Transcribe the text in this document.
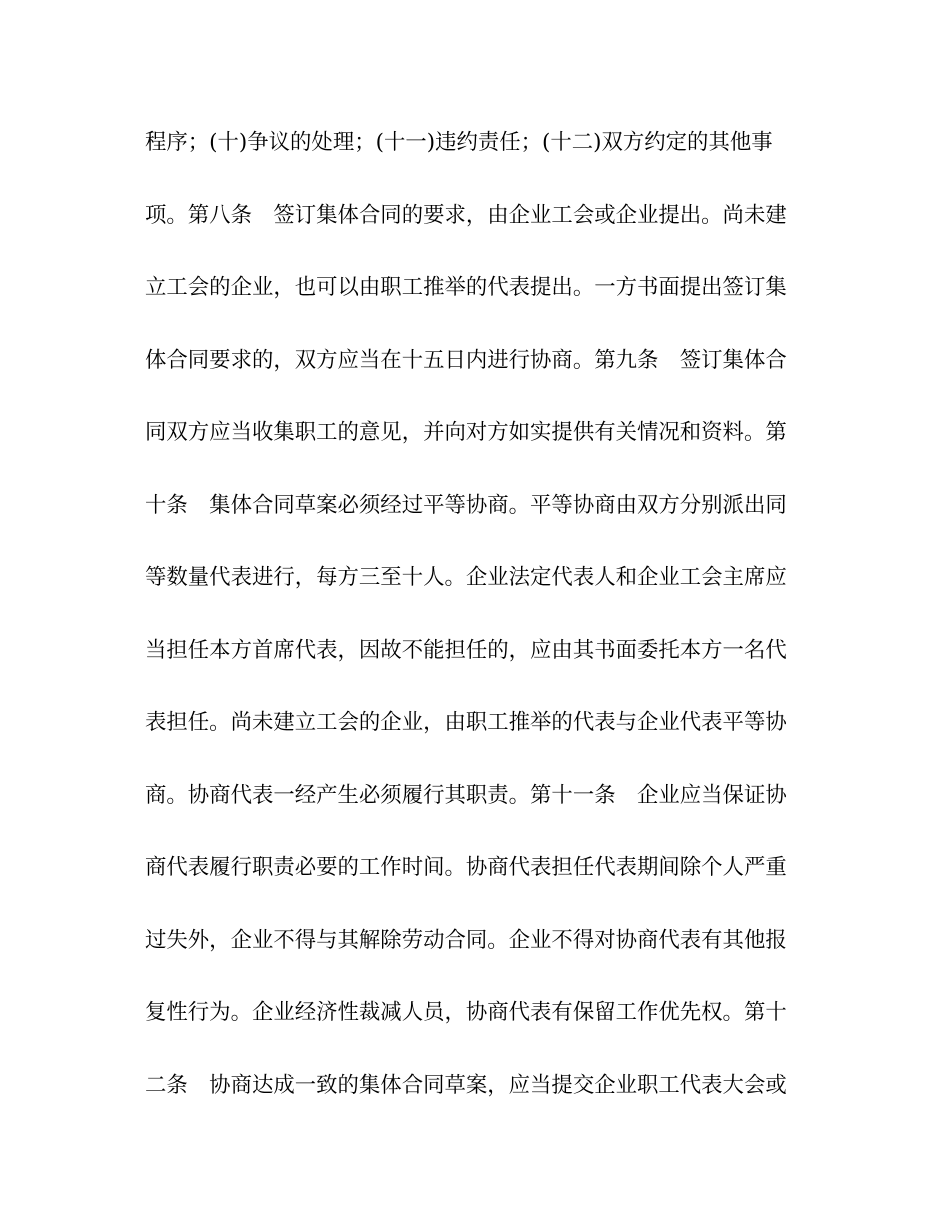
程序；(十)争议的处理；(十一)违约责任；(十二)双方约定的其他事
项。第八条　签订集体合同的要求，由企业工会或企业提出。尚未建
立工会的企业，也可以由职工推举的代表提出。一方书面提出签订集
体合同要求的，双方应当在十五日内进行协商。第九条　签订集体合
同双方应当收集职工的意见，并向对方如实提供有关情况和资料。第
十条　集体合同草案必须经过平等协商。平等协商由双方分别派出同
等数量代表进行，每方三至十人。企业法定代表人和企业工会主席应
当担任本方首席代表，因故不能担任的，应由其书面委托本方一名代
表担任。尚未建立工会的企业，由职工推举的代表与企业代表平等协
商。协商代表一经产生必须履行其职责。第十一条　企业应当保证协
商代表履行职责必要的工作时间。协商代表担任代表期间除个人严重
过失外，企业不得与其解除劳动合同。企业不得对协商代表有其他报
复性行为。企业经济性裁减人员，协商代表有保留工作优先权。第十
二条　协商达成一致的集体合同草案，应当提交企业职工代表大会或
